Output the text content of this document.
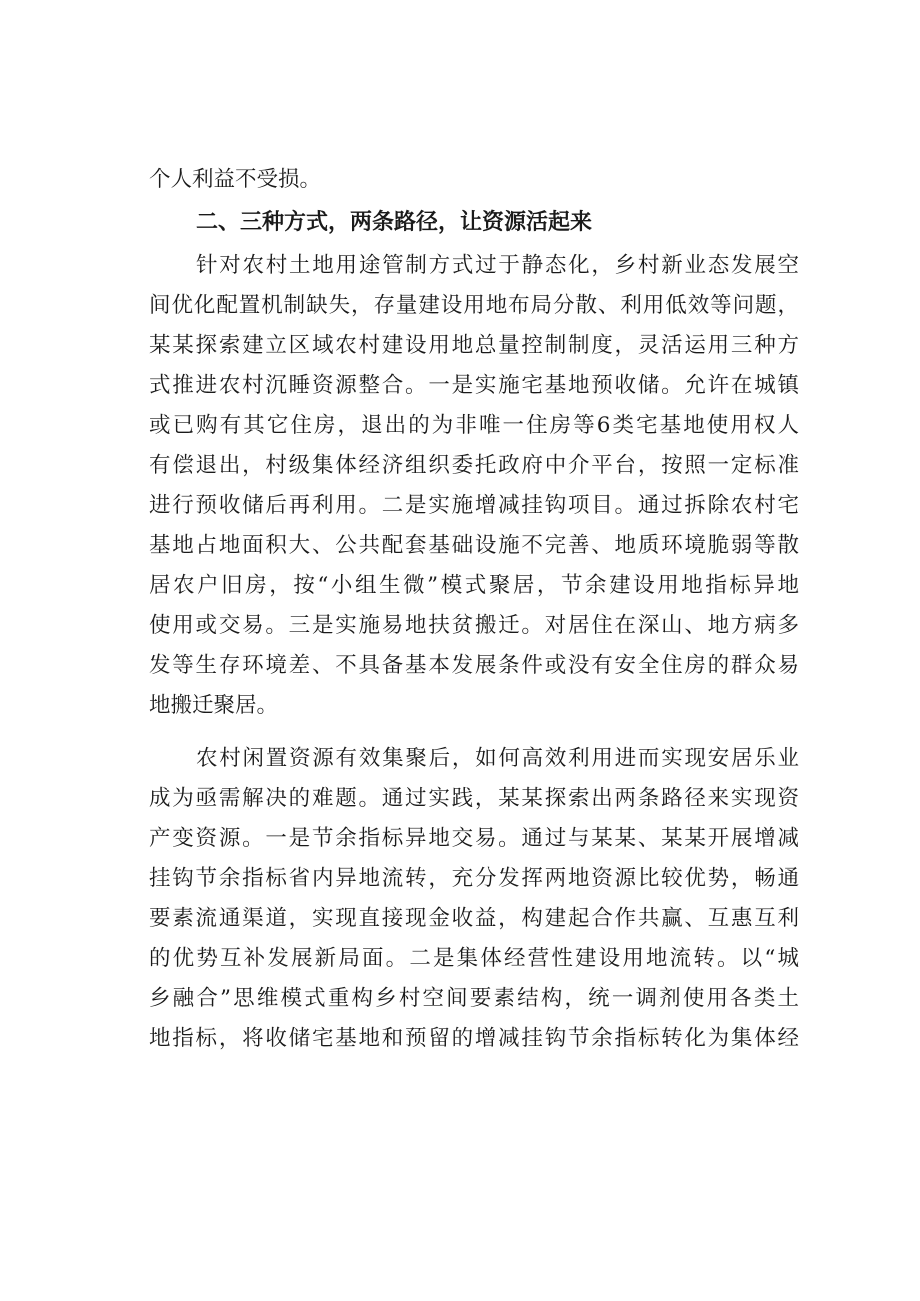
个人利益不受损。
二、三种方式，两条路径，让资源活起来
针对农村土地用途管制方式过于静态化，乡村新业态发展空
间优化配置机制缺失，存量建设用地布局分散、利用低效等问题，
某某探索建立区域农村建设用地总量控制制度，灵活运用三种方
式推进农村沉睡资源整合。一是实施宅基地预收储。允许在城镇
或已购有其它住房，退出的为非唯一住房等6类宅基地使用权人
有偿退出，村级集体经济组织委托政府中介平台，按照一定标准
进行预收储后再利用。二是实施增减挂钩项目。通过拆除农村宅
基地占地面积大、公共配套基础设施不完善、地质环境脆弱等散
居农户旧房，按“小组生微”模式聚居，节余建设用地指标异地
使用或交易。三是实施易地扶贫搬迁。对居住在深山、地方病多
发等生存环境差、不具备基本发展条件或没有安全住房的群众易
地搬迁聚居。
农村闲置资源有效集聚后，如何高效利用进而实现安居乐业
成为亟需解决的难题。通过实践，某某探索出两条路径来实现资
产变资源。一是节余指标异地交易。通过与某某、某某开展增减
挂钩节余指标省内异地流转，充分发挥两地资源比较优势，畅通
要素流通渠道，实现直接现金收益，构建起合作共赢、互惠互利
的优势互补发展新局面。二是集体经营性建设用地流转。以“城
乡融合”思维模式重构乡村空间要素结构，统一调剂使用各类土
地指标，将收储宅基地和预留的增减挂钩节余指标转化为集体经
